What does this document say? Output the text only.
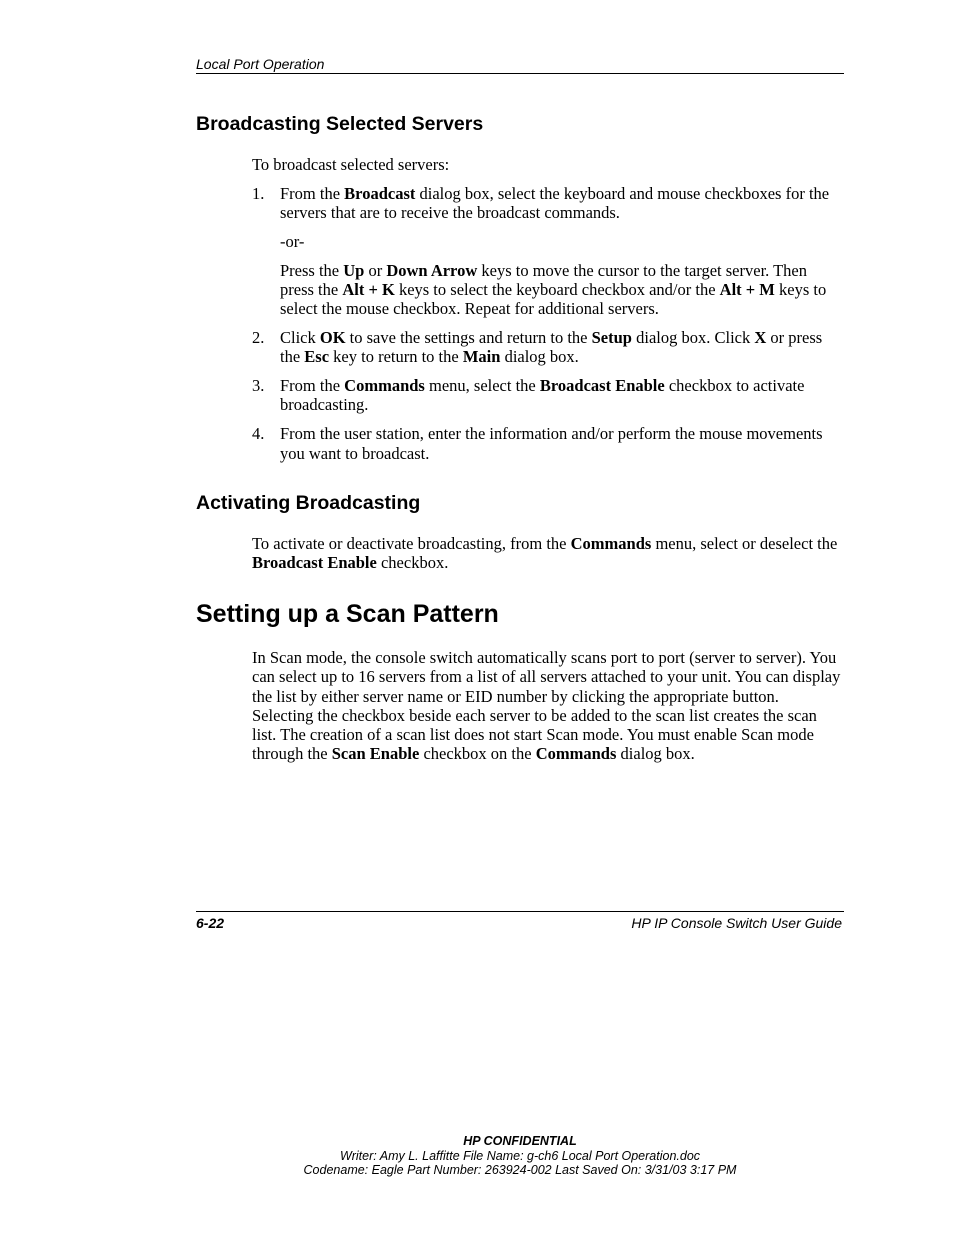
Local Port Operation
Broadcasting Selected Servers

To broadcast selected servers:

1. From the Broadcast dialog box, select the keyboard and mouse checkboxes for the servers that are to receive the broadcast commands.

-or-

Press the Up or Down Arrow keys to move the cursor to the target server. Then press the Alt + K keys to select the keyboard checkbox and/or the Alt + M keys to select the mouse checkbox. Repeat for additional servers.

2. Click OK to save the settings and return to the Setup dialog box. Click X or press the Esc key to return to the Main dialog box.

3. From the Commands menu, select the Broadcast Enable checkbox to activate broadcasting.

4. From the user station, enter the information and/or perform the mouse movements you want to broadcast.

Activating Broadcasting

To activate or deactivate broadcasting, from the Commands menu, select or deselect the Broadcast Enable checkbox.

Setting up a Scan Pattern

In Scan mode, the console switch automatically scans port to port (server to server). You can select up to 16 servers from a list of all servers attached to your unit. You can display the list by either server name or EID number by clicking the appropriate button. Selecting the checkbox beside each server to be added to the scan list creates the scan list. The creation of a scan list does not start Scan mode. You must enable Scan mode through the Scan Enable checkbox on the Commands dialog box.

6-22	HP IP Console Switch User Guide
HP CONFIDENTIAL
Writer: Amy L. Laffitte File Name: g-ch6 Local Port Operation.doc
Codename: Eagle Part Number: 263924-002 Last Saved On: 3/31/03 3:17 PM
